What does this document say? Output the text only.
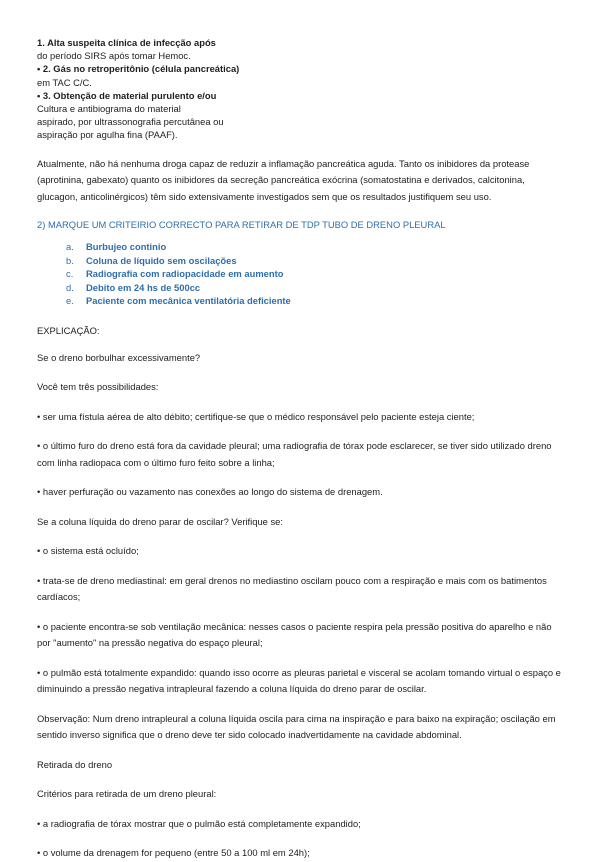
1. Alta suspeita clínica de infecção após
do período SIRS após tomar Hemoc.
• 2. Gás no retroperitônio (célula pancreática)
em TAC C/C.
• 3. Obtenção de material purulento e/ou
Cultura e antibiograma do material
aspirado, por ultrassonografia percutânea ou
aspiração por agulha fina (PAAF).
Atualmente, não há nenhuma droga capaz de reduzir a inflamação pancreática aguda. Tanto os inibidores da protease (aprotinina, gabexato) quanto os inibidores da secreção pancreática exócrina (somatostatina e derivados, calcitonina, glucagon, anticolinérgicos) têm sido extensivamente investigados sem que os resultados justifiquem seu uso.
2) MARQUE UM CRITEIRIO CORRECTO PARA RETIRAR DE TDP TUBO DE DRENO PLEURAL
a. Burbujeo continio
b. Coluna de líquido sem oscilações
c. Radiografia com radiopacidade em aumento
d. Debito em 24 hs de 500cc
e. Paciente com mecânica ventilatória deficiente
EXPLICAÇÃO:
Se o dreno borbulhar excessivamente?
Você tem três possibilidades:
• ser uma fístula aérea de alto débito; certifique-se que o médico responsável pelo paciente esteja ciente;
• o último furo do dreno está fora da cavidade pleural; uma radiografia de tórax pode esclarecer, se tiver sido utilizado dreno com linha radiopaca com o último furo feito sobre a linha;
• haver perfuração ou vazamento nas conexões ao longo do sistema de drenagem.
Se a coluna líquida do dreno parar de oscilar? Verifique se:
• o sistema está ocluído;
• trata-se de dreno mediastinal: em geral drenos no mediastino oscilam pouco com a respiração e mais com os batimentos cardíacos;
• o paciente encontra-se sob ventilação mecânica: nesses casos o paciente respira pela pressão positiva do aparelho e não por "aumento" na pressão negativa do espaço pleural;
• o pulmão está totalmente expandido: quando isso ocorre as pleuras parietal e visceral se acolam tomando virtual o espaço e diminuindo a pressão negativa intrapleural fazendo a coluna líquida do dreno parar de oscilar.
Observação: Num dreno intrapleural a coluna líquida oscila para cima na inspiração e para baixo na expiração; oscilação em sentido inverso significa que o dreno deve ter sido colocado inadvertidamente na cavidade abdominal.
Retirada do dreno
Critérios para retirada de um dreno pleural:
• a radiografia de tórax mostrar que o pulmão está completamente expandido;
• o volume da drenagem for pequeno (entre 50 a 100 ml em 24h);
